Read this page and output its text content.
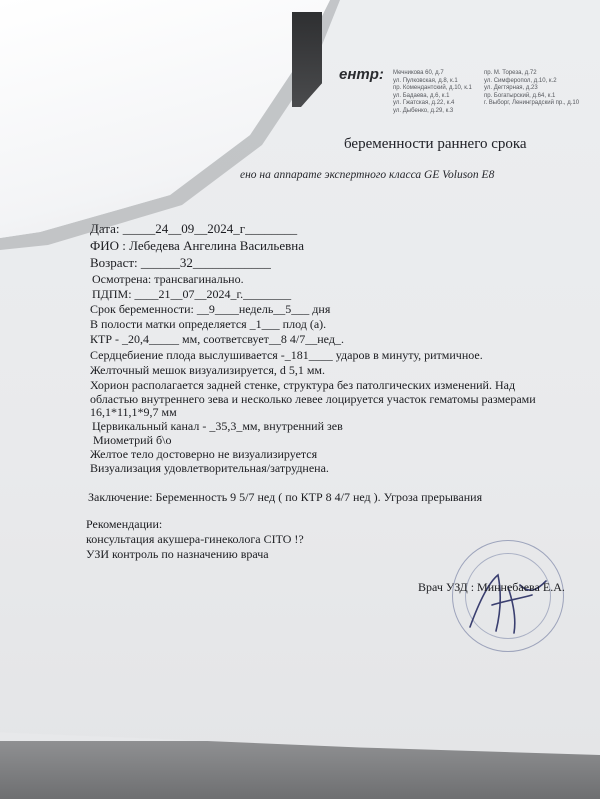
ентр: Мечникова 60, д.7
ул. Пулковская, д.8, к.1
пр. Комендантский, д.10, к.1
ул. Бадаева, д.6, к.1
ул. Гжатская, д.22, к.4
ул. Дыбенко, д.29, к.3
пр. М. Тореза, д.72
ул. Симферопол, д.10, к.2
ул. Дегтярная, д.23
пр. Богатырский, д.64, к.1
г. Выборг, Ленинградский пр., д.10
беременности раннего срока
ено на аппарате экспертного класса GE Voluson E8
Дата: _____24__09__2024_г________
ФИО : Лебедева Ангелина Васильевна
Возраст: ______32____________
Осмотрена: трансвагинально.
ПДПМ: ____21__07__2024_г.________
Срок беременности: __9____недель__5___ дня
В полости матки определяется _1___ плод (а).
КТР - _20,4_____ мм, соответсвует__8 4/7__нед_.
Сердцебиение плода выслушивается -_181____ ударов в минуту, ритмичное.
Желточный мешок визуализируется, d 5,1 мм.
Хорион располагается задней стенке, структура без патолгических изменений. Над
областью внутреннего зева и несколько левее лоцируется участок гематомы размерами
16,1*11,1*9,7 мм
Цервикальный канал - _35,3_мм, внутренний зев
Миометрий б\о
Желтое тело достоверно не визуализируется
Визуализация удовлетворительная/затруднена.
Заключение: Беременность 9 5/7 нед ( по КТР 8 4/7 нед ). Угроза прерывания
Рекомендации:
консультация акушера-гинеколога CITO !?
УЗИ контроль по назначению врача
Врач УЗД : Миннебаева Е.А.
